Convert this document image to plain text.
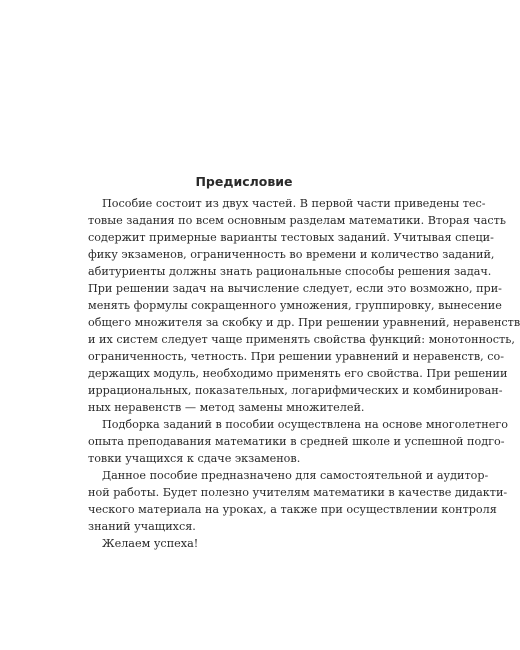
Предисловие
Пособие состоит из двух частей. В первой части приведены тес-
товые задания по всем основным разделам математики. Вторая часть
содержит примерные варианты тестовых заданий. Учитывая специ-
фику экзаменов, ограниченность во времени и количество заданий,
абитуриенты должны знать рациональные способы решения задач.
При решении задач на вычисление следует, если это возможно, при-
менять формулы сокращенного умножения, группировку, вынесение
общего множителя за скобку и др. При решении уравнений, неравенств
и их систем следует чаще применять свойства функций: монотонность,
ограниченность, четность. При решении уравнений и неравенств, со-
держащих модуль, необходимо применять его свойства. При решении
иррациональных, показательных, логарифмических и комбинирован-
ных неравенств — метод замены множителей.
Подборка заданий в пособии осуществлена на основе многолетнего
опыта преподавания математики в средней школе и успешной подго-
товки учащихся к сдаче экзаменов.
Данное пособие предназначено для самостоятельной и аудитор-
ной работы. Будет полезно учителям математики в качестве дидакти-
ческого материала на уроках, а также при осуществлении контроля
знаний учащихся.
Желаем успеха!
